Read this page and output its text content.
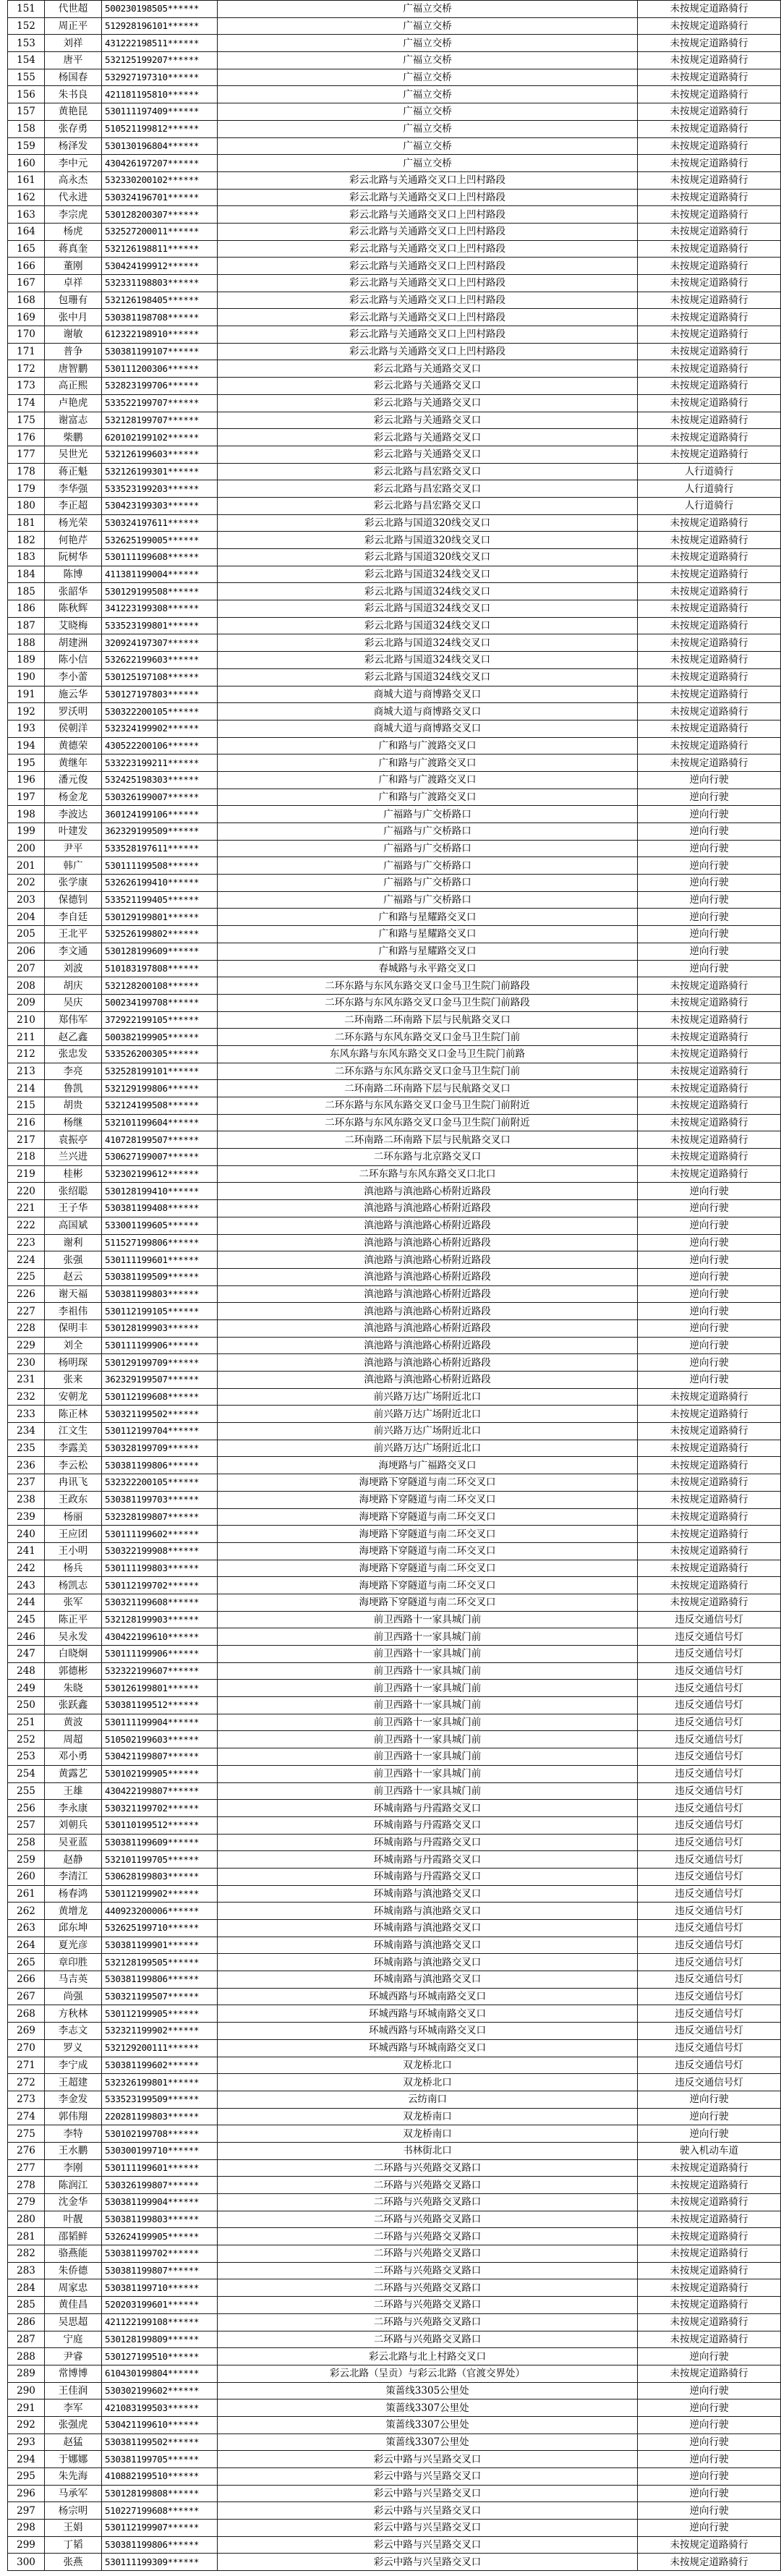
151	代世超	500230198505******	广福立交桥	未按规定道路骑行
152	周正平	512928196101******	广福立交桥	未按规定道路骑行
153	刘祥	431222198511******	广福立交桥	未按规定道路骑行
154	唐平	532125199207******	广福立交桥	未按规定道路骑行
155	杨国春	532927197310******	广福立交桥	未按规定道路骑行
156	朱书良	421181195810******	广福立交桥	未按规定道路骑行
157	黄艳昆	530111197409******	广福立交桥	未按规定道路骑行
158	张存勇	510521199812******	广福立交桥	未按规定道路骑行
159	杨泽发	530130196804******	广福立交桥	未按规定道路骑行
160	李中元	430426197207******	广福立交桥	未按规定道路骑行
161	高永杰	532330200102******	彩云北路与关通路交叉口上凹村路段	未按规定道路骑行
162	代永进	530324196701******	彩云北路与关通路交叉口上凹村路段	未按规定道路骑行
163	李宗虎	530128200307******	彩云北路与关通路交叉口上凹村路段	未按规定道路骑行
164	杨虎	532527200011******	彩云北路与关通路交叉口上凹村路段	未按规定道路骑行
165	蒋真奎	532126198811******	彩云北路与关通路交叉口上凹村路段	未按规定道路骑行
166	董刚	530424199912******	彩云北路与关通路交叉口上凹村路段	未按规定道路骑行
167	卓祥	532331198803******	彩云北路与关通路交叉口上凹村路段	未按规定道路骑行
168	包珊有	532126198405******	彩云北路与关通路交叉口上凹村路段	未按规定道路骑行
169	张中月	530381198708******	彩云北路与关通路交叉口上凹村路段	未按规定道路骑行
170	谢敏	612322198910******	彩云北路与关通路交叉口上凹村路段	未按规定道路骑行
171	普争	530381199107******	彩云北路与关通路交叉口上凹村路段	未按规定道路骑行
172	唐智鹏	530111200306******	彩云北路与关通路交叉口	未按规定道路骑行
173	高正熙	532823199706******	彩云北路与关通路交叉口	未按规定道路骑行
174	卢艳虎	533522199707******	彩云北路与关通路交叉口	未按规定道路骑行
175	谢富志	532128199707******	彩云北路与关通路交叉口	未按规定道路骑行
176	柴鹏	620102199102******	彩云北路与关通路交叉口	未按规定道路骑行
177	吴世光	532126199603******	彩云北路与关通路交叉口	未按规定道路骑行
178	蒋正魁	532126199301******	彩云北路与昌宏路交叉口	人行道骑行
179	李华强	533523199203******	彩云北路与昌宏路交叉口	人行道骑行
180	李正超	530423199303******	彩云北路与昌宏路交叉口	人行道骑行
181	杨光荣	530324197611******	彩云北路与国道320线交叉口	未按规定道路骑行
182	何艳芹	532625199005******	彩云北路与国道320线交叉口	未按规定道路骑行
183	阮树华	530111199608******	彩云北路与国道320线交叉口	未按规定道路骑行
184	陈博	411381199004******	彩云北路与国道324线交叉口	未按规定道路骑行
185	张韶华	530129199508******	彩云北路与国道324线交叉口	未按规定道路骑行
186	陈秋辉	341223199308******	彩云北路与国道324线交叉口	未按规定道路骑行
187	艾晓梅	533523199801******	彩云北路与国道324线交叉口	未按规定道路骑行
188	胡建洲	320924197307******	彩云北路与国道324线交叉口	未按规定道路骑行
189	陈小信	532622199603******	彩云北路与国道324线交叉口	未按规定道路骑行
190	李小蕾	530125197108******	彩云北路与国道324线交叉口	未按规定道路骑行
191	施云华	530127197803******	商城大道与商博路交叉口	未按规定道路骑行
192	罗沃明	530322200105******	商城大道与商博路交叉口	未按规定道路骑行
193	侯朝洋	532324199902******	商城大道与商博路交叉口	未按规定道路骑行
194	黄德荣	430522200106******	广和路与广渡路交叉口	未按规定道路骑行
195	黄继年	533223199211******	广和路与广渡路交叉口	未按规定道路骑行
196	潘元俊	532425198303******	广和路与广渡路交叉口	逆向行驶
197	杨金龙	530326199007******	广和路与广渡路交叉口	逆向行驶
198	李波达	360124199106******	广福路与广交桥路口	逆向行驶
199	叶建发	362329199509******	广福路与广交桥路口	逆向行驶
200	尹平	533528197611******	广福路与广交桥路口	逆向行驶
201	韩广	530111199508******	广福路与广交桥路口	逆向行驶
202	张学康	532626199410******	广福路与广交桥路口	逆向行驶
203	保德钊	533521199405******	广福路与广交桥路口	逆向行驶
204	李自廷	530129199801******	广和路与星耀路交叉口	逆向行驶
205	王北平	532526199802******	广和路与星耀路交叉口	逆向行驶
206	李文通	530128199609******	广和路与星耀路交叉口	逆向行驶
207	刘波	510183197808******	春城路与永平路交叉口	逆向行驶
208	胡庆	532128200108******	二环东路与东风东路交叉口金马卫生院门前路段	未按规定道路骑行
209	吴庆	500234199708******	二环东路与东风东路交叉口金马卫生院门前路段	未按规定道路骑行
210	郑伟军	372922199105******	二环南路二环南路下层与民航路交叉口	未按规定道路骑行
211	赵乙鑫	500382199905******	二环东路与东风东路交叉口金马卫生院门前	未按规定道路骑行
212	张忠发	533526200305******	东风东路与东风东路交叉口金马卫生院门前路	未按规定道路骑行
213	李亮	532528199101******	二环东路与东风东路交叉口金马卫生院门前	未按规定道路骑行
214	鲁凯	532129199806******	二环南路二环南路下层与民航路交叉口	未按规定道路骑行
215	胡贵	532124199508******	二环东路与东风东路交叉口金马卫生院门前附近	未按规定道路骑行
216	杨继	532101199604******	二环东路与东风东路交叉口金马卫生院门前附近	未按规定道路骑行
217	袁振亭	410728199507******	二环南路二环南路下层与民航路交叉口	未按规定道路骑行
218	兰兴进	530627199007******	二环东路与北京路交叉口	未按规定道路骑行
219	桂彬	532302199612******	二环东路与东风东路交叉口北口	未按规定道路骑行
220	张绍聪	530128199410******	滇池路与滇池路心桥附近路段	逆向行驶
221	王子华	530381199408******	滇池路与滇池路心桥附近路段	逆向行驶
222	高国斌	533001199605******	滇池路与滇池路心桥附近路段	逆向行驶
223	谢利	511527199806******	滇池路与滇池路心桥附近路段	逆向行驶
224	张强	530111199601******	滇池路与滇池路心桥附近路段	逆向行驶
225	赵云	530381199509******	滇池路与滇池路心桥附近路段	逆向行驶
226	谢天福	530381199803******	滇池路与滇池路心桥附近路段	逆向行驶
227	李祖伟	530112199105******	滇池路与滇池路心桥附近路段	逆向行驶
228	保明丰	530128199903******	滇池路与滇池路心桥附近路段	逆向行驶
229	刘全	530111199906******	滇池路与滇池路心桥附近路段	逆向行驶
230	杨明琛	530129199709******	滇池路与滇池路心桥附近路段	逆向行驶
231	张来	362329199507******	滇池路与滇池路心桥附近路段	逆向行驶
232	安朝龙	530112199608******	前兴路万达广场附近北口	未按规定道路骑行
233	陈正林	530321199502******	前兴路万达广场附近北口	未按规定道路骑行
234	江文生	530112199704******	前兴路万达广场附近北口	未按规定道路骑行
235	李露美	530328199709******	前兴路万达广场附近北口	未按规定道路骑行
236	李云松	530381199806******	海埂路与广福路交叉口	未按规定道路骑行
237	冉讯飞	532322200105******	海埂路下穿隧道与南二环交叉口	未按规定道路骑行
238	王政东	530381199703******	海埂路下穿隧道与南二环交叉口	未按规定道路骑行
239	杨丽	532328199807******	海埂路下穿隧道与南二环交叉口	未按规定道路骑行
240	王应团	530111199602******	海埂路下穿隧道与南二环交叉口	未按规定道路骑行
241	王小明	530322199908******	海埂路下穿隧道与南二环交叉口	未按规定道路骑行
242	杨兵	530111199803******	海埂路下穿隧道与南二环交叉口	未按规定道路骑行
243	杨凯志	530112199702******	海埂路下穿隧道与南二环交叉口	未按规定道路骑行
244	张军	530321199608******	海埂路下穿隧道与南二环交叉口	未按规定道路骑行
245	陈正平	532128199903******	前卫西路十一家具城门前	违反交通信号灯
246	吴永发	430422199610******	前卫西路十一家具城门前	违反交通信号灯
247	白晓炯	530111199906******	前卫西路十一家具城门前	违反交通信号灯
248	郭德彬	532322199607******	前卫西路十一家具城门前	违反交通信号灯
249	朱晓	530126199801******	前卫西路十一家具城门前	违反交通信号灯
250	张跃鑫	530381199512******	前卫西路十一家具城门前	违反交通信号灯
251	黄波	530111199904******	前卫西路十一家具城门前	违反交通信号灯
252	周超	510502199603******	前卫西路十一家具城门前	违反交通信号灯
253	邓小勇	530421199807******	前卫西路十一家具城门前	违反交通信号灯
254	黄露艺	530102199905******	前卫西路十一家具城门前	违反交通信号灯
255	王雄	430422199807******	前卫西路十一家具城门前	违反交通信号灯
256	李永康	530321199702******	环城南路与丹霞路交叉口	违反交通信号灯
257	刘朝兵	530110199512******	环城南路与丹霞路交叉口	违反交通信号灯
258	吴亚蓝	530381199609******	环城南路与丹霞路交叉口	违反交通信号灯
259	赵静	532101199705******	环城南路与丹霞路交叉口	违反交通信号灯
260	李清江	530628199803******	环城南路与丹霞路交叉口	违反交通信号灯
261	杨春鸿	530112199902******	环城南路与滇池路交叉口	违反交通信号灯
262	黄增龙	440923200006******	环城南路与滇池路交叉口	违反交通信号灯
263	邱东坤	532625199710******	环城南路与滇池路交叉口	违反交通信号灯
264	夏光彦	530381199901******	环城南路与滇池路交叉口	违反交通信号灯
265	章印胜	532128199505******	环城南路与滇池路交叉口	违反交通信号灯
266	马吉英	530381199806******	环城南路与滇池路交叉口	违反交通信号灯
267	尚强	530321199507******	环城西路与环城南路交叉口	违反交通信号灯
268	方秋林	530112199905******	环城西路与环城南路交叉口	违反交通信号灯
269	李志文	532321199902******	环城西路与环城南路交叉口	违反交通信号灯
270	罗义	532129200111******	环城西路与环城南路交叉口	违反交通信号灯
271	李宁成	530381199602******	双龙桥北口	违反交通信号灯
272	王超建	532326199801******	双龙桥北口	违反交通信号灯
273	李金发	533523199509******	云纺南口	逆向行驶
274	郭伟翔	220281199803******	双龙桥南口	逆向行驶
275	李特	530102199708******	双龙桥南口	逆向行驶
276	王水鹏	530300199710******	书林街北口	驶入机动车道
277	李刚	530111199601******	二环路与兴苑路交叉路口	未按规定道路骑行
278	陈润江	530326199807******	二环路与兴苑路交叉路口	未按规定道路骑行
279	沈金华	530381199904******	二环路与兴苑路交叉路口	未按规定道路骑行
280	叶靓	530381199803******	二环路与兴苑路交叉路口	未按规定道路骑行
281	邵韬鲜	532624199905******	二环路与兴苑路交叉路口	未按规定道路骑行
282	骆燕能	530381199702******	二环路与兴苑路交叉路口	未按规定道路骑行
283	朱侨德	530381199807******	二环路与兴苑路交叉路口	未按规定道路骑行
284	周家忠	530381199710******	二环路与兴苑路交叉路口	未按规定道路骑行
285	黄佳昌	520203199601******	二环路与兴苑路交叉路口	未按规定道路骑行
286	吴思超	421122199108******	二环路与兴苑路交叉路口	未按规定道路骑行
287	宁庭	530128199809******	二环路与兴苑路交叉路口	未按规定道路骑行
288	尹睿	530127199510******	彩云北路与北上村路交叉口	逆向行驶
289	常博博	610430199804******	彩云北路（呈贡）与彩云北路（官渡交界处）	未按规定道路骑行
290	王佳润	530302199602******	策蔷线3305公里处	逆向行驶
291	李军	421083199503******	策蔷线3307公里处	逆向行驶
292	张强虎	530421199610******	策蔷线3307公里处	逆向行驶
293	赵猛	530381199502******	策蔷线3307公里处	逆向行驶
294	于娜娜	530381199705******	彩云中路与兴呈路交叉口	逆向行驶
295	朱先海	410882199510******	彩云中路与兴呈路交叉口	逆向行驶
296	马承军	530128199808******	彩云中路与兴呈路交叉口	逆向行驶
297	杨宗明	510227199608******	彩云中路与兴呈路交叉口	逆向行驶
298	王娟	530112199907******	彩云中路与兴呈路交叉口	逆向行驶
299	丁韬	530381199806******	彩云中路与兴呈路交叉口	未按规定道路骑行
300	张燕	530111199309******	彩云中路与兴呈路交叉口	未按规定道路骑行
